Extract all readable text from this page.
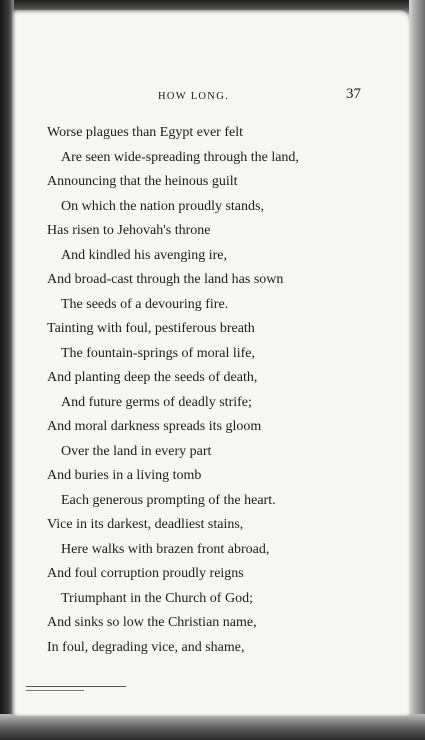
HOW LONG.	37
Worse plagues than Egypt ever felt
Are seen wide-spreading through the land,
Announcing that the heinous guilt
On which the nation proudly stands,
Has risen to Jehovah's throne
And kindled his avenging ire,
And broad-cast through the land has sown
The seeds of a devouring fire.
Tainting with foul, pestiferous breath
The fountain-springs of moral life,
And planting deep the seeds of death,
And future germs of deadly strife;
And moral darkness spreads its gloom
Over the land in every part
And buries in a living tomb
Each generous prompting of the heart.
Vice in its darkest, deadliest stains,
Here walks with brazen front abroad,
And foul corruption proudly reigns
Triumphant in the Church of God;
And sinks so low the Christian name,
In foul, degrading vice, and shame,
